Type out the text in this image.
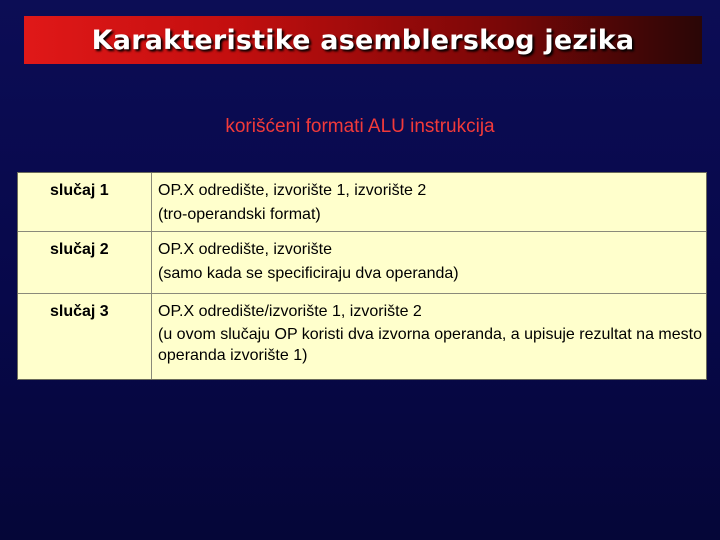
Karakteristike asemblerskog jezika
korišćeni formati ALU instrukcija
slučaj 1	OP.X odredište, izvorište 1, izvorište 2
(tro-operandski format)
slučaj 2	OP.X odredište, izvorište
(samo kada se specificiraju dva operanda)
slučaj 3	OP.X odredište/izvorište 1, izvorište 2
(u ovom slučaju OP koristi dva izvorna operanda, a upisuje rezultat na mesto operanda izvorište 1)
